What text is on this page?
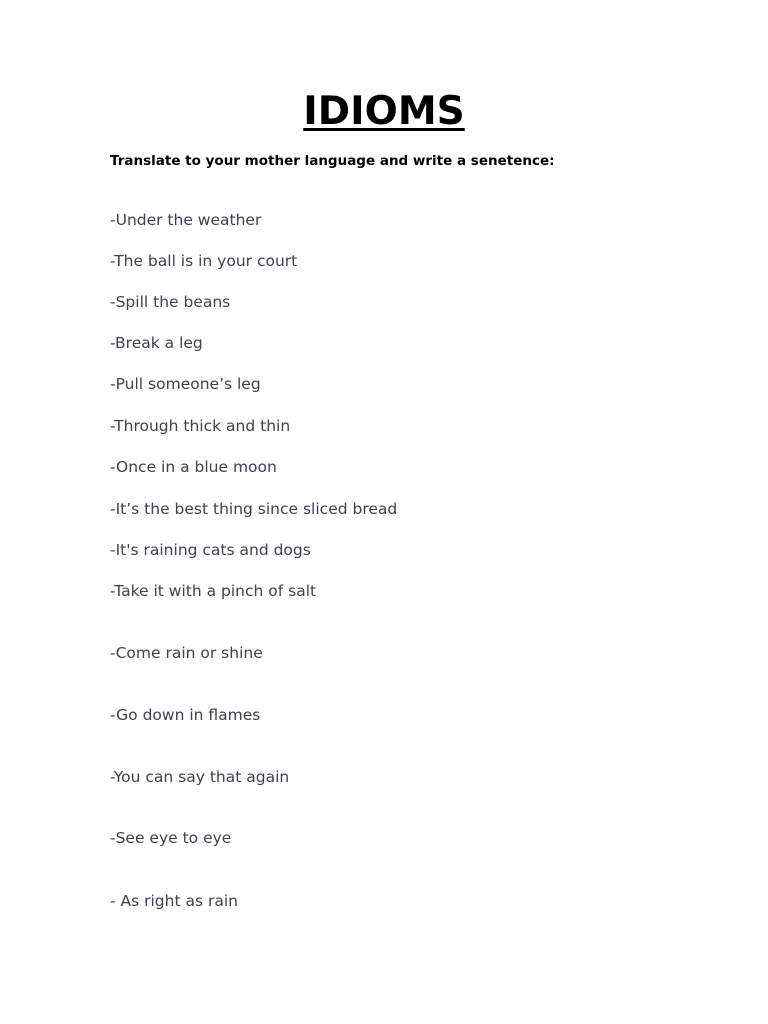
IDIOMS
Translate to your mother language and write a senetence:
-Under the weather
-The ball is in your court
-Spill the beans
-Break a leg
-Pull someone’s leg
-Through thick and thin
-Once in a blue moon
-It’s the best thing since sliced bread
-It's raining cats and dogs
-Take it with a pinch of salt
-Come rain or shine
-Go down in flames
-You can say that again
-See eye to eye
- As right as rain
